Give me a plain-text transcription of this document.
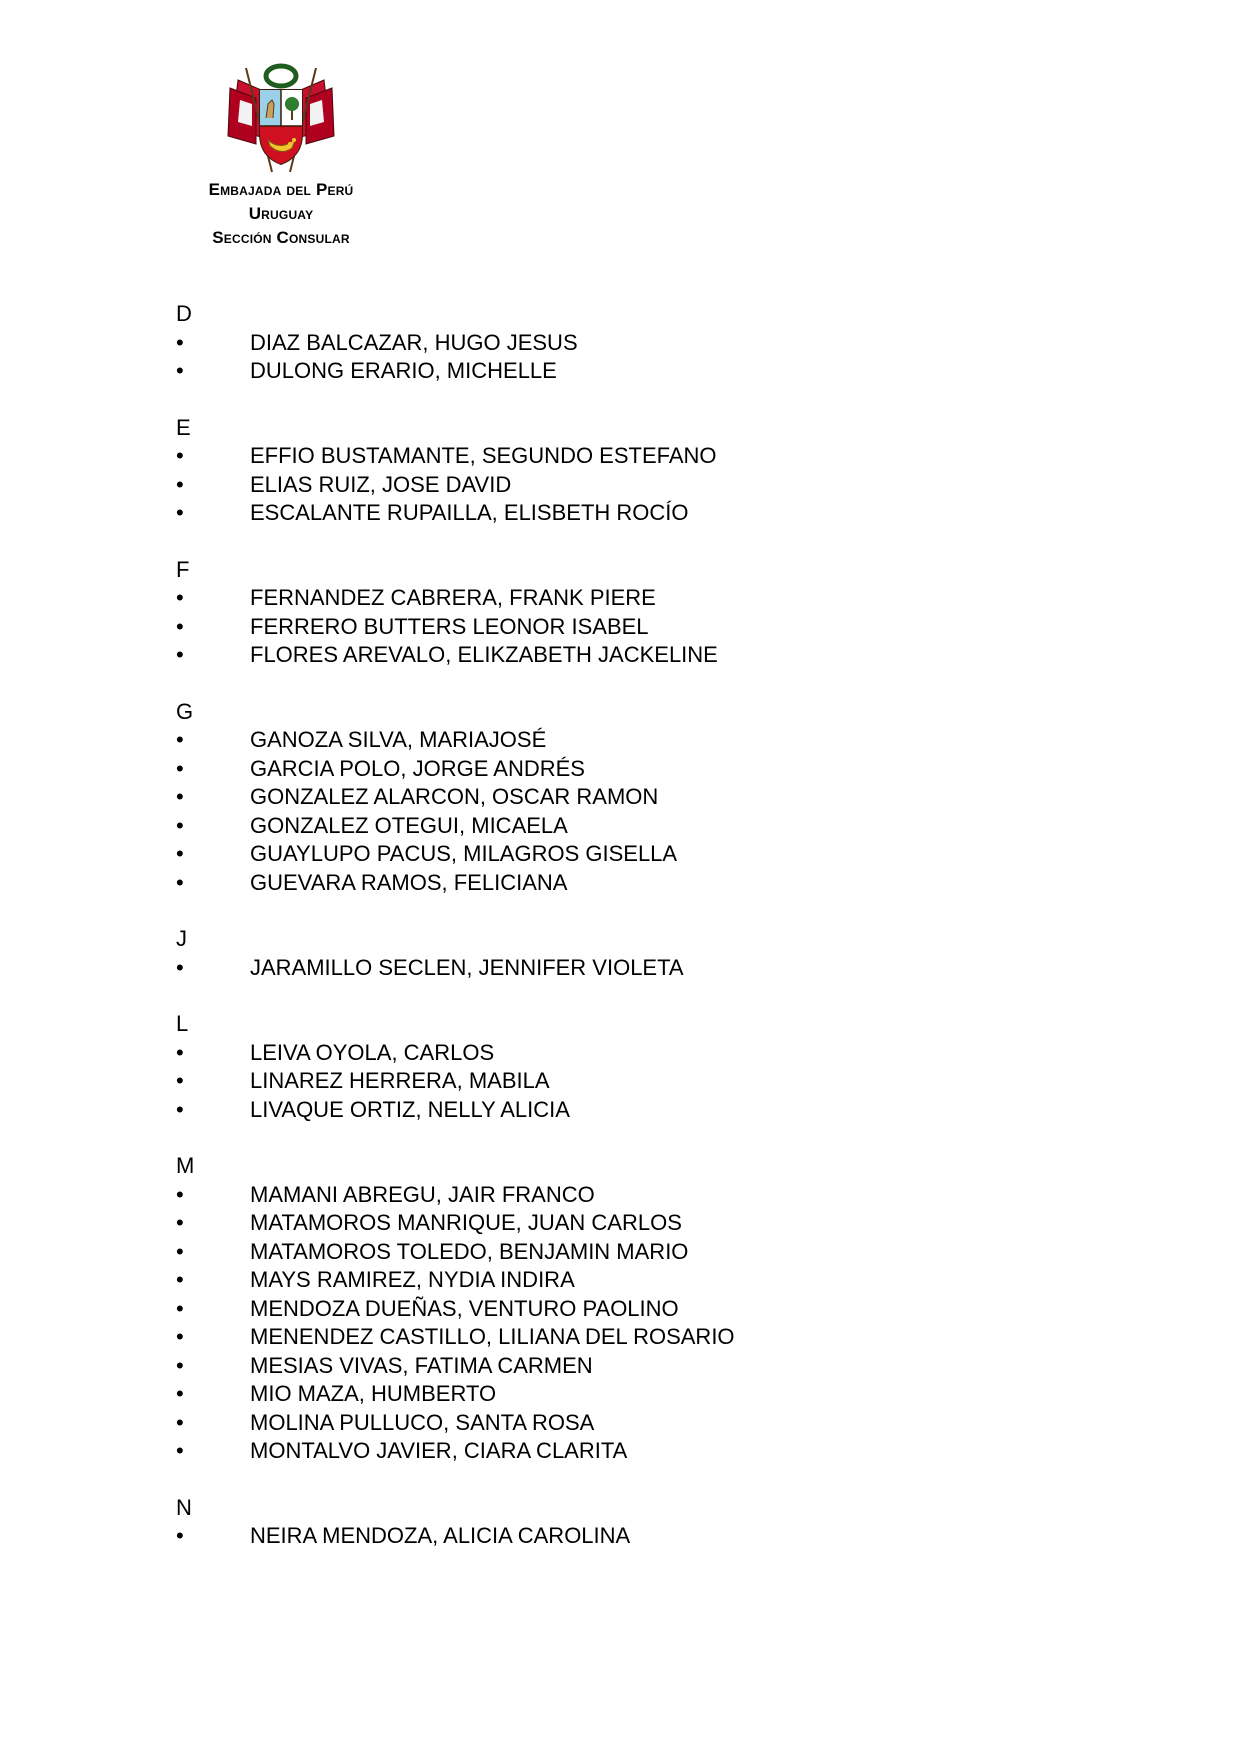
Embajada del Perú
Uruguay
Sección Consular
D
•	DIAZ BALCAZAR, HUGO JESUS
•	DULONG ERARIO, MICHELLE
E
•	EFFIO BUSTAMANTE, SEGUNDO ESTEFANO
•	ELIAS RUIZ, JOSE DAVID
•	ESCALANTE RUPAILLA, ELISBETH ROCÍO
F
•	FERNANDEZ CABRERA, FRANK PIERE
•	FERRERO BUTTERS LEONOR ISABEL
•	FLORES AREVALO, ELIKZABETH JACKELINE
G
•	GANOZA SILVA, MARIAJOSÉ
•	GARCIA POLO, JORGE ANDRÉS
•	GONZALEZ ALARCON, OSCAR RAMON
•	GONZALEZ OTEGUI, MICAELA
•	GUAYLUPO PACUS, MILAGROS GISELLA
•	GUEVARA RAMOS, FELICIANA
J
•	JARAMILLO SECLEN, JENNIFER VIOLETA
L
•	LEIVA OYOLA, CARLOS
•	LINAREZ HERRERA, MABILA
•	LIVAQUE ORTIZ, NELLY ALICIA
M
•	MAMANI ABREGU, JAIR FRANCO
•	MATAMOROS MANRIQUE, JUAN CARLOS
•	MATAMOROS TOLEDO, BENJAMIN MARIO
•	MAYS RAMIREZ, NYDIA INDIRA
•	MENDOZA DUEÑAS, VENTURO PAOLINO
•	MENENDEZ CASTILLO, LILIANA DEL ROSARIO
•	MESIAS VIVAS, FATIMA CARMEN
•	MIO MAZA, HUMBERTO
•	MOLINA PULLUCO, SANTA ROSA
•	MONTALVO JAVIER, CIARA CLARITA
N
•	NEIRA MENDOZA, ALICIA CAROLINA
